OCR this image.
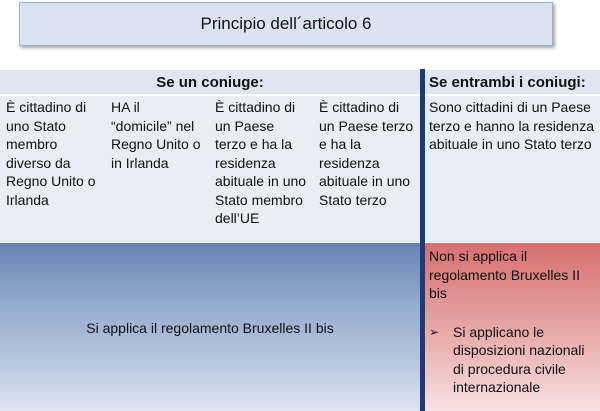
Principio dell´articolo 6
Se un coniuge:	Se entrambi i coniugi:
È cittadino di uno Stato membro diverso da Regno Unito o Irlanda
HA il “domicile” nel Regno Unito o in Irlanda
È cittadino di un Paese terzo e ha la residenza abituale in uno Stato membro dell’UE
È cittadino di un Paese terzo e ha la residenza abituale in uno Stato terzo
Sono cittadini di un Paese terzo e hanno la residenza abituale in uno Stato terzo
Si applica il regolamento Bruxelles II bis
Non si applica il regolamento Bruxelles II bis
➢ Si applicano le disposizioni nazionali di procedura civile internazionale
